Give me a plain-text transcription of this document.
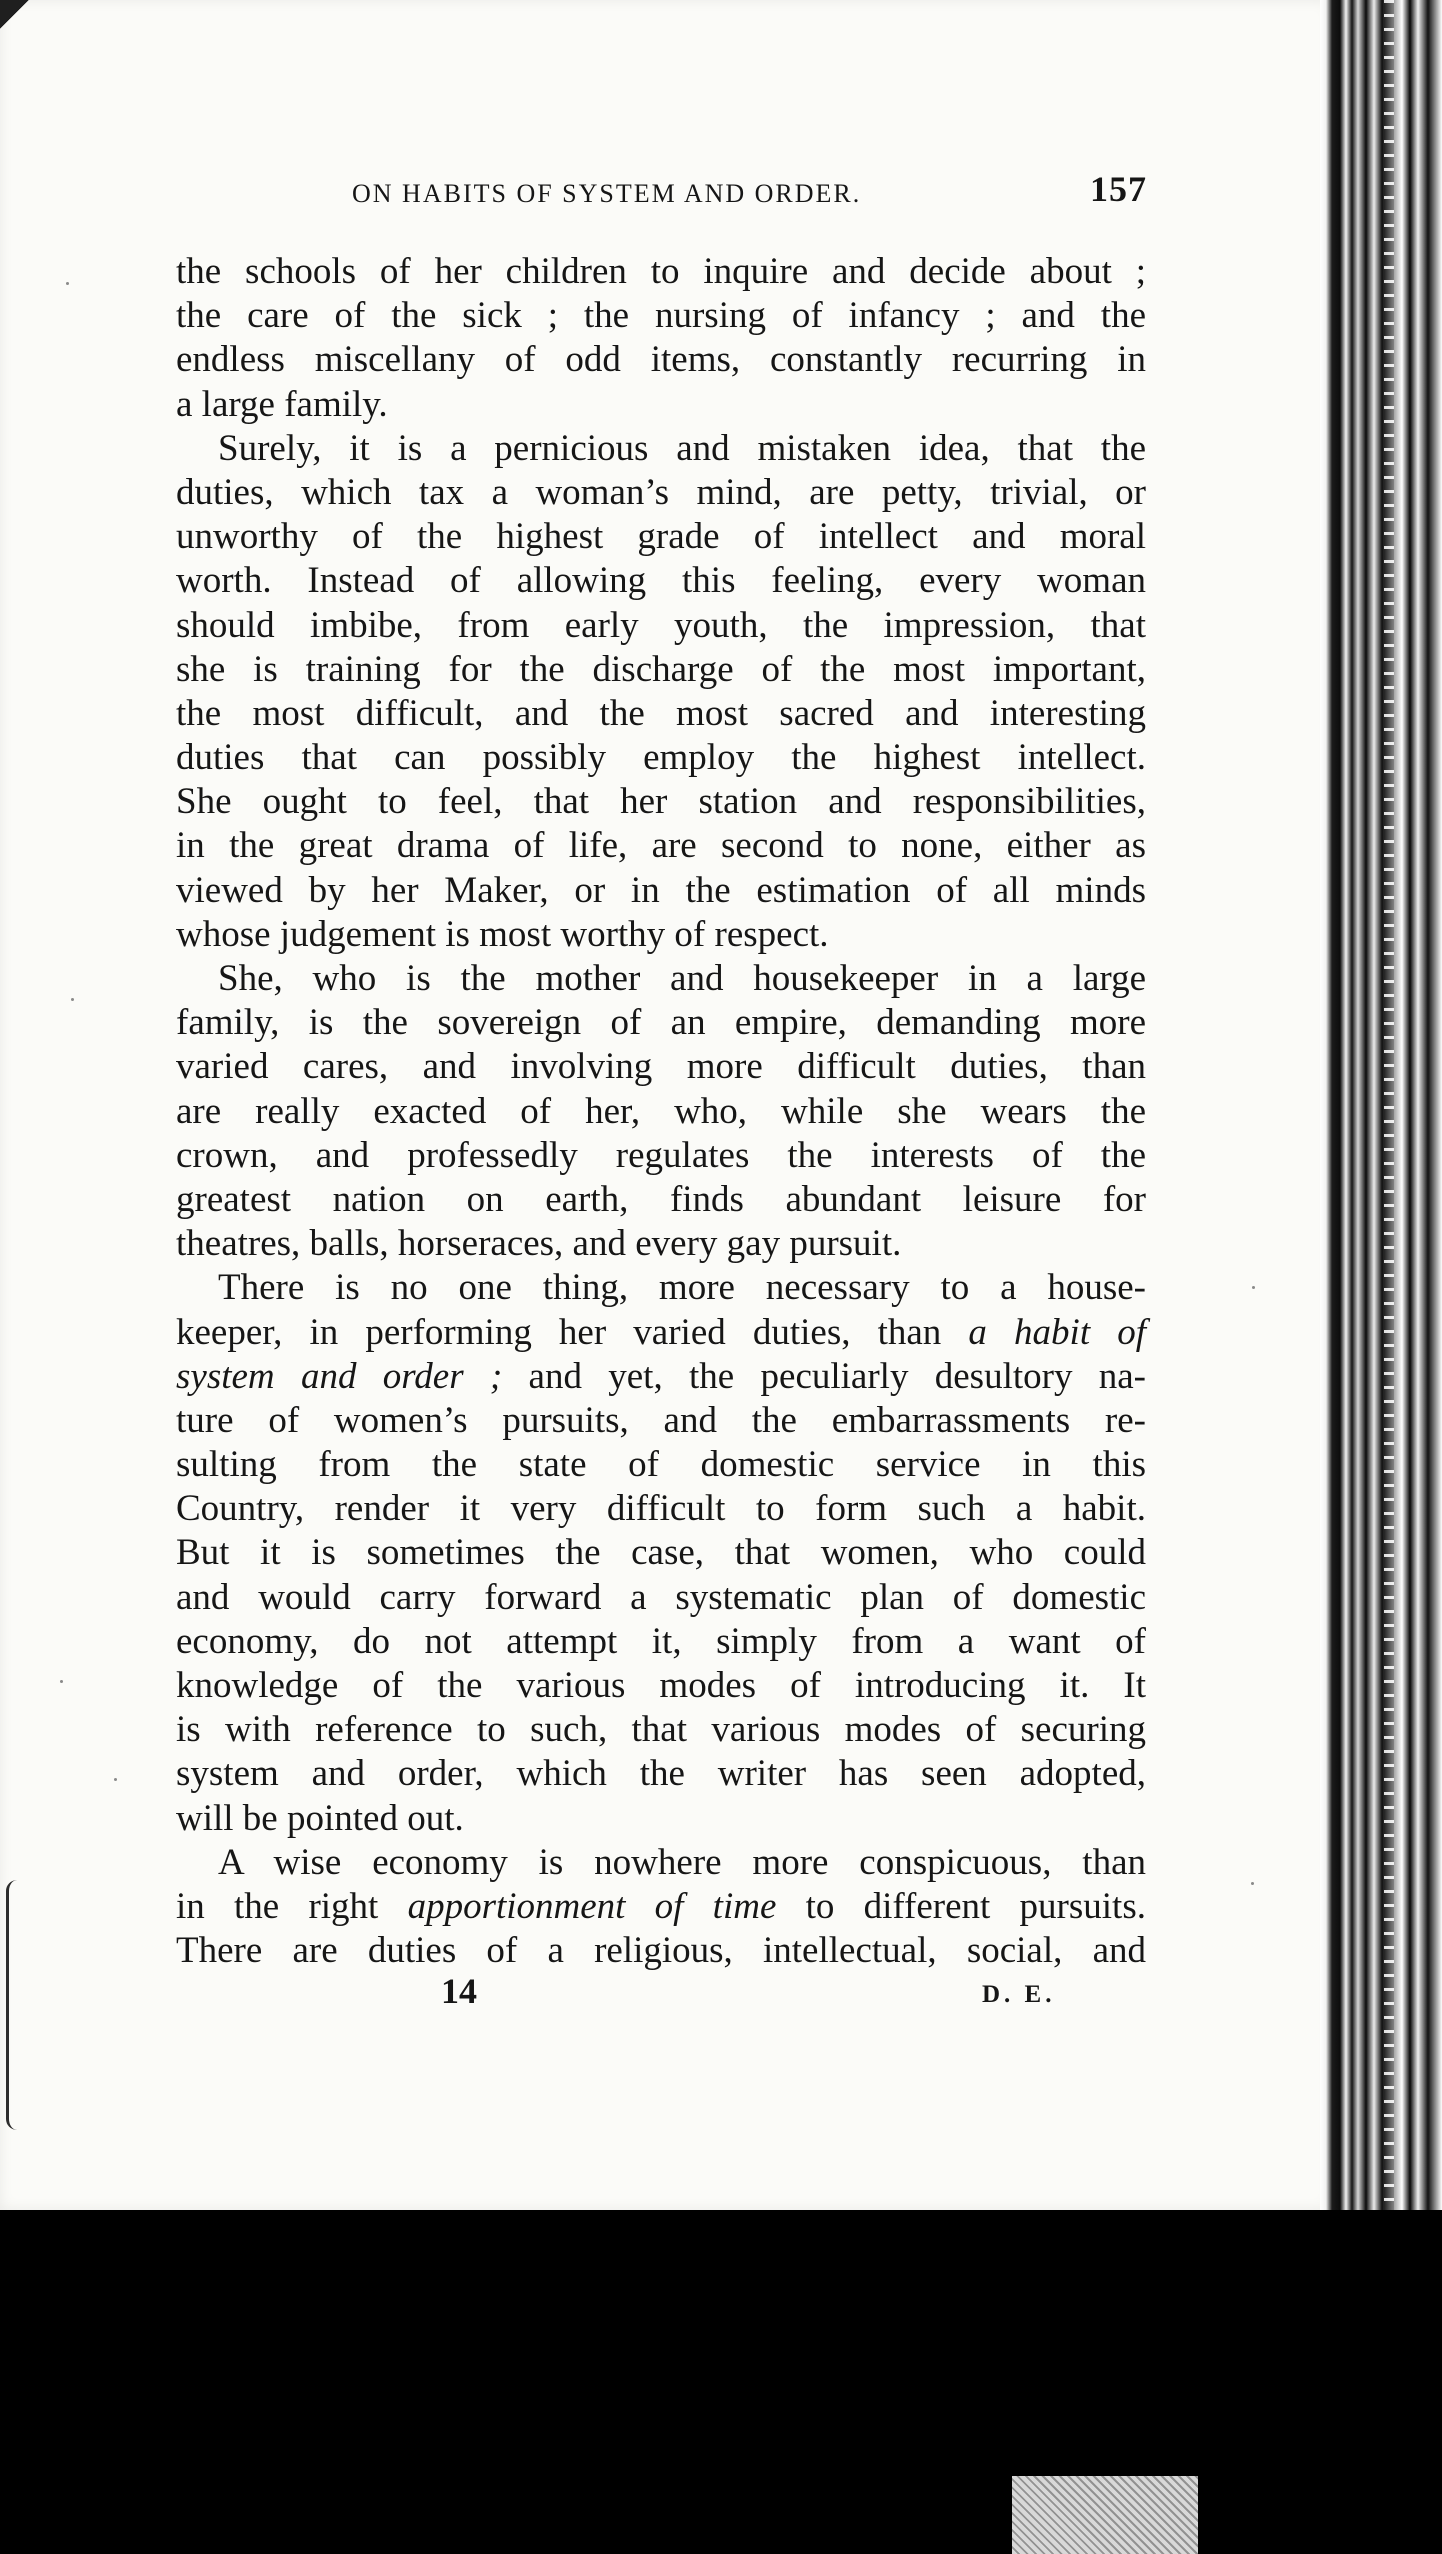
ON HABITS OF SYSTEM AND ORDER.	157
the schools of her children to inquire and decide about ;
the care of the sick ; the nursing of infancy ; and the
endless miscellany of odd items, constantly recurring in
a large family.
Surely, it is a pernicious and mistaken idea, that the
duties, which tax a woman’s mind, are petty, trivial, or
unworthy of the highest grade of intellect and moral
worth. Instead of allowing this feeling, every woman
should imbibe, from early youth, the impression, that
she is training for the discharge of the most important,
the most difficult, and the most sacred and interesting
duties that can possibly employ the highest intellect.
She ought to feel, that her station and responsibilities,
in the great drama of life, are second to none, either as
viewed by her Maker, or in the estimation of all minds
whose judgement is most worthy of respect.
She, who is the mother and housekeeper in a large
family, is the sovereign of an empire, demanding more
varied cares, and involving more difficult duties, than
are really exacted of her, who, while she wears the
crown, and professedly regulates the interests of the
greatest nation on earth, finds abundant leisure for
theatres, balls, horseraces, and every gay pursuit.
There is no one thing, more necessary to a house-
keeper, in performing her varied duties, than a habit of
system and order ; and yet, the peculiarly desultory na-
ture of women’s pursuits, and the embarrassments re-
sulting from the state of domestic service in this
Country, render it very difficult to form such a habit.
But it is sometimes the case, that women, who could
and would carry forward a systematic plan of domestic
economy, do not attempt it, simply from a want of
knowledge of the various modes of introducing it. It
is with reference to such, that various modes of securing
system and order, which the writer has seen adopted,
will be pointed out.
A wise economy is nowhere more conspicuous, than
in the right apportionment of time to different pursuits.
There are duties of a religious, intellectual, social, and
14	D. E.
